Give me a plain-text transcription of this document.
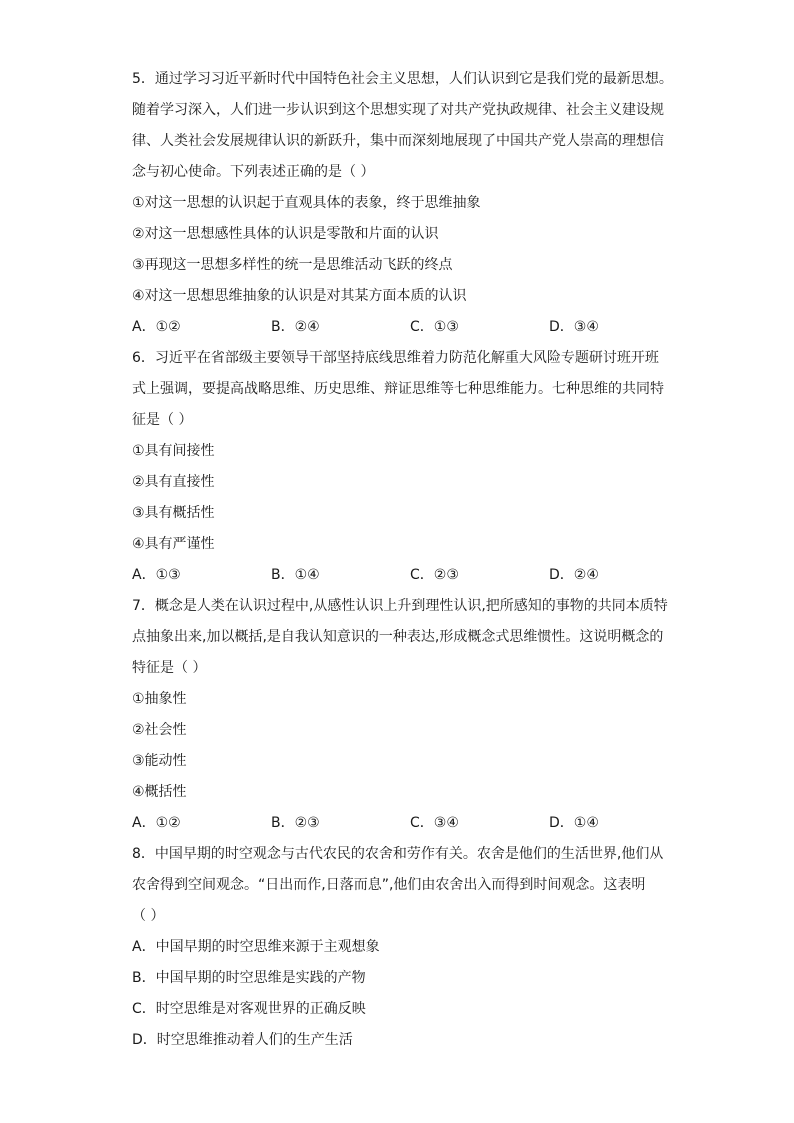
5．通过学习习近平新时代中国特色社会主义思想，人们认识到它是我们党的最新思想。
随着学习深入，人们进一步认识到这个思想实现了对共产党执政规律、社会主义建设规
律、人类社会发展规律认识的新跃升，集中而深刻地展现了中国共产党人崇高的理想信
念与初心使命。下列表述正确的是（ ）
①对这一思想的认识起于直观具体的表象，终于思维抽象
②对这一思想感性具体的认识是零散和片面的认识
③再现这一思想多样性的统一是思维活动飞跃的终点
④对这一思想思维抽象的认识是对其某方面本质的认识
A．①②	B．②④	C．①③	D．③④
6．习近平在省部级主要领导干部坚持底线思维着力防范化解重大风险专题研讨班开班
式上强调，要提高战略思维、历史思维、辩证思维等七种思维能力。七种思维的共同特
征是（ ）
①具有间接性
②具有直接性
③具有概括性
④具有严谨性
A．①③	B．①④	C．②③	D．②④
7．概念是人类在认识过程中,从感性认识上升到理性认识,把所感知的事物的共同本质特
点抽象出来,加以概括,是自我认知意识的一种表达,形成概念式思维惯性。这说明概念的
特征是（ ）
①抽象性
②社会性
③能动性
④概括性
A．①②	B．②③	C．③④	D．①④
8．中国早期的时空观念与古代农民的农舍和劳作有关。农舍是他们的生活世界,他们从
农舍得到空间观念。“日出而作,日落而息”,他们由农舍出入而得到时间观念。这表明
（ ）
A．中国早期的时空思维来源于主观想象
B．中国早期的时空思维是实践的产物
C．时空思维是对客观世界的正确反映
D．时空思维推动着人们的生产生活
